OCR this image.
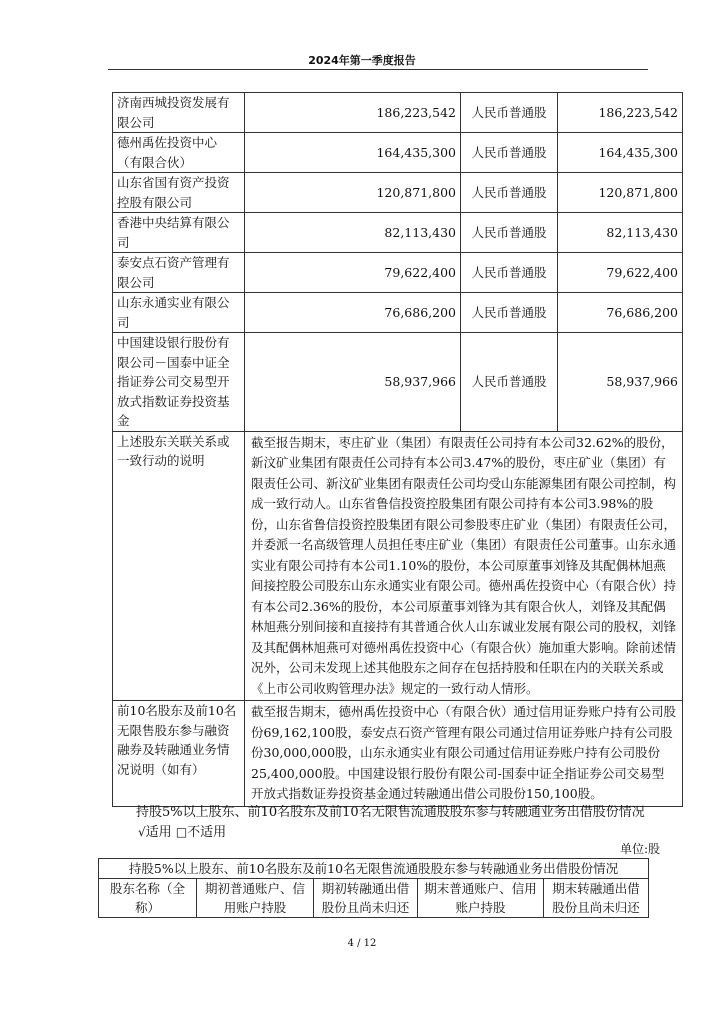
2024年第一季度报告
济南西城投资发展有限公司	186,223,542	人民币普通股	186,223,542
德州禹佐投资中心（有限合伙）	164,435,300	人民币普通股	164,435,300
山东省国有资产投资控股有限公司	120,871,800	人民币普通股	120,871,800
香港中央结算有限公司	82,113,430	人民币普通股	82,113,430
泰安点石资产管理有限公司	79,622,400	人民币普通股	79,622,400
山东永通实业有限公司	76,686,200	人民币普通股	76,686,200
中国建设银行股份有限公司－国泰中证全指证券公司交易型开放式指数证券投资基金	58,937,966	人民币普通股	58,937,966
上述股东关联关系或一致行动的说明	截至报告期末，枣庄矿业（集团）有限责任公司持有本公司32.62%的股份，新汶矿业集团有限责任公司持有本公司3.47%的股份，枣庄矿业（集团）有限责任公司、新汶矿业集团有限责任公司均受山东能源集团有限公司控制，构成一致行动人。山东省鲁信投资控股集团有限公司持有本公司3.98%的股份，山东省鲁信投资控股集团有限公司参股枣庄矿业（集团）有限责任公司，并委派一名高级管理人员担任枣庄矿业（集团）有限责任公司董事。山东永通实业有限公司持有本公司1.10%的股份，本公司原董事刘锋及其配偶林旭燕间接控股公司股东山东永通实业有限公司。德州禹佐投资中心（有限合伙）持有本公司2.36%的股份，本公司原董事刘锋为其有限合伙人，刘锋及其配偶林旭燕分别间接和直接持有其普通合伙人山东诚业发展有限公司的股权，刘锋及其配偶林旭燕可对德州禹佐投资中心（有限合伙）施加重大影响。除前述情况外，公司未发现上述其他股东之间存在包括持股和任职在内的关联关系或《上市公司收购管理办法》规定的一致行动人情形。		
前10名股东及前10名无限售股东参与融资融券及转融通业务情况说明（如有）	截至报告期末，德州禹佐投资中心（有限合伙）通过信用证券账户持有公司股份69,162,100股，泰安点石资产管理有限公司通过信用证券账户持有公司股份30,000,000股，山东永通实业有限公司通过信用证券账户持有公司股份25,400,000股。中国建设银行股份有限公司-国泰中证全指证券公司交易型开放式指数证券投资基金通过转融通出借公司股份150,100股。		
持股5%以上股东、前10名股东及前10名无限售流通股股东参与转融通业务出借股份情况
√适用 □不适用
单位:股
持股5%以上股东、前10名股东及前10名无限售流通股股东参与转融通业务出借股份情况
股东名称（全称）	期初普通账户、信用账户持股	期初转融通出借股份且尚未归还	期末普通账户、信用账户持股	期末转融通出借股份且尚未归还
4 / 12
